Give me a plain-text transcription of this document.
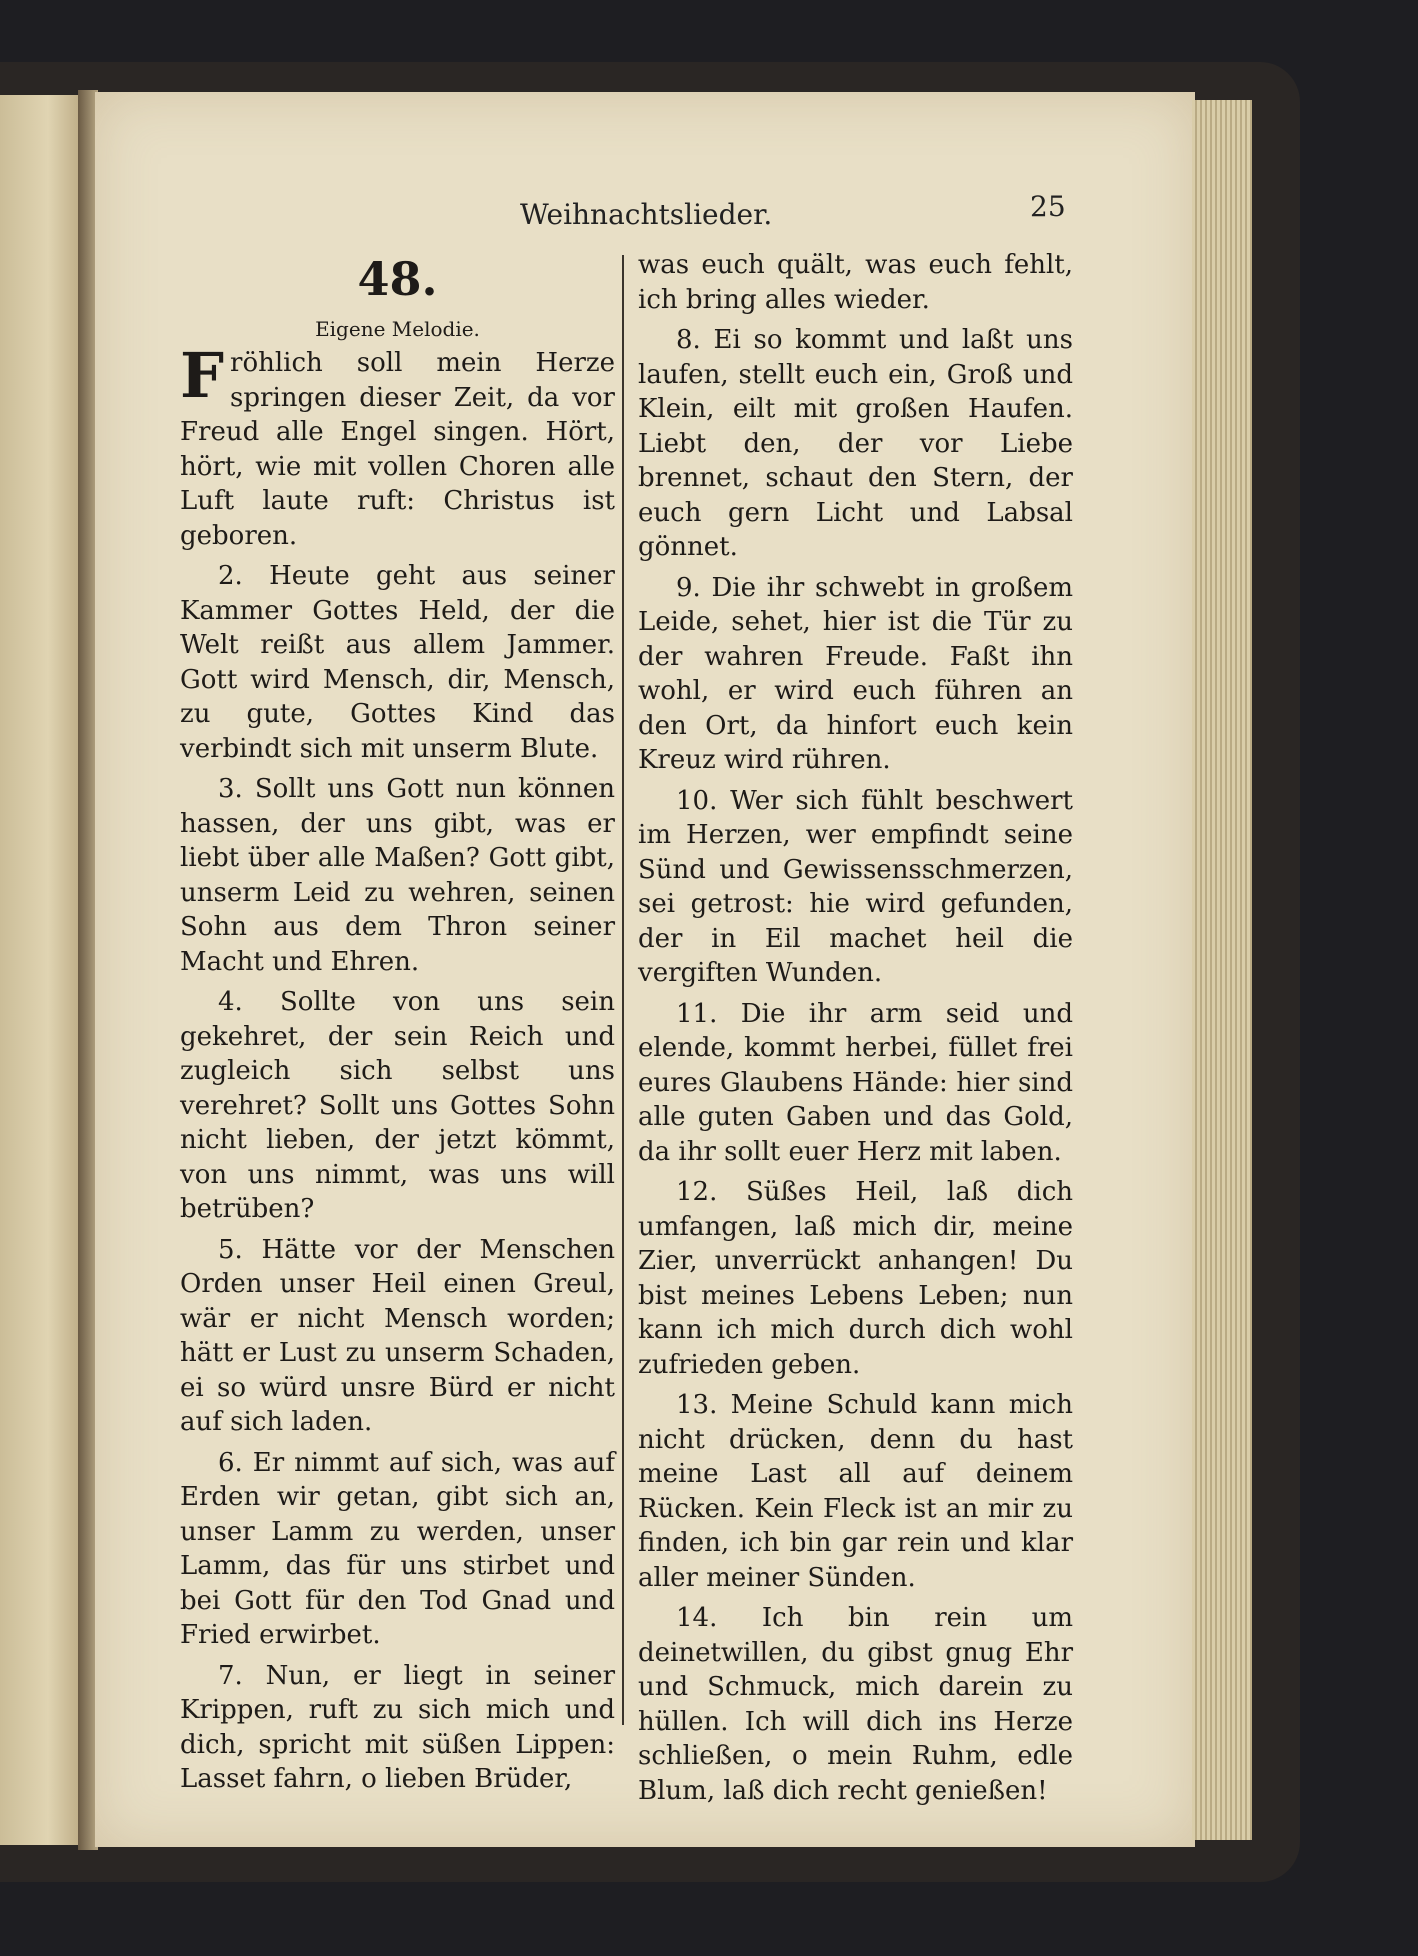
Weihnachtslieder.	25
48.
Eigene Melodie.

Fröhlich soll mein Herze springen dieser Zeit, da vor Freud alle Engel singen. Hört, hört, wie mit vollen Choren alle Luft laute ruft: Christus ist geboren.

2. Heute geht aus seiner Kammer Gottes Held, der die Welt reißt aus allem Jammer. Gott wird Mensch, dir, Mensch, zu gute, Gottes Kind das verbindt sich mit unserm Blute.

3. Sollt uns Gott nun können hassen, der uns gibt, was er liebt über alle Maßen? Gott gibt, unserm Leid zu wehren, seinen Sohn aus dem Thron seiner Macht und Ehren.

4. Sollte von uns sein gekehret, der sein Reich und zugleich sich selbst uns verehret? Sollt uns Gottes Sohn nicht lieben, der jetzt kömmt, von uns nimmt, was uns will betrüben?

5. Hätte vor der Menschen Orden unser Heil einen Greul, wär er nicht Mensch worden; hätt er Lust zu unserm Schaden, ei so würd unsre Bürd er nicht auf sich laden.

6. Er nimmt auf sich, was auf Erden wir getan, gibt sich an, unser Lamm zu werden, unser Lamm, das für uns stirbet und bei Gott für den Tod Gnad und Fried erwirbet.

7. Nun, er liegt in seiner Krippen, ruft zu sich mich und dich, spricht mit süßen Lippen: Lasset fahrn, o lieben Brüder,

was euch quält, was euch fehlt, ich bring alles wieder.

8. Ei so kommt und laßt uns laufen, stellt euch ein, Groß und Klein, eilt mit großen Haufen. Liebt den, der vor Liebe brennet, schaut den Stern, der euch gern Licht und Labsal gönnet.

9. Die ihr schwebt in großem Leide, sehet, hier ist die Tür zu der wahren Freude. Faßt ihn wohl, er wird euch führen an den Ort, da hinfort euch kein Kreuz wird rühren.

10. Wer sich fühlt beschwert im Herzen, wer empfindt seine Sünd und Gewissensschmerzen, sei getrost: hie wird gefunden, der in Eil machet heil die vergiften Wunden.

11. Die ihr arm seid und elende, kommt herbei, füllet frei eures Glaubens Hände: hier sind alle guten Gaben und das Gold, da ihr sollt euer Herz mit laben.

12. Süßes Heil, laß dich umfangen, laß mich dir, meine Zier, unverrückt anhangen! Du bist meines Lebens Leben; nun kann ich mich durch dich wohl zufrieden geben.

13. Meine Schuld kann mich nicht drücken, denn du hast meine Last all auf deinem Rücken. Kein Fleck ist an mir zu finden, ich bin gar rein und klar aller meiner Sünden.

14. Ich bin rein um deinetwillen, du gibst gnug Ehr und Schmuck, mich darein zu hüllen. Ich will dich ins Herze schließen, o mein Ruhm, edle Blum, laß dich recht genießen!
